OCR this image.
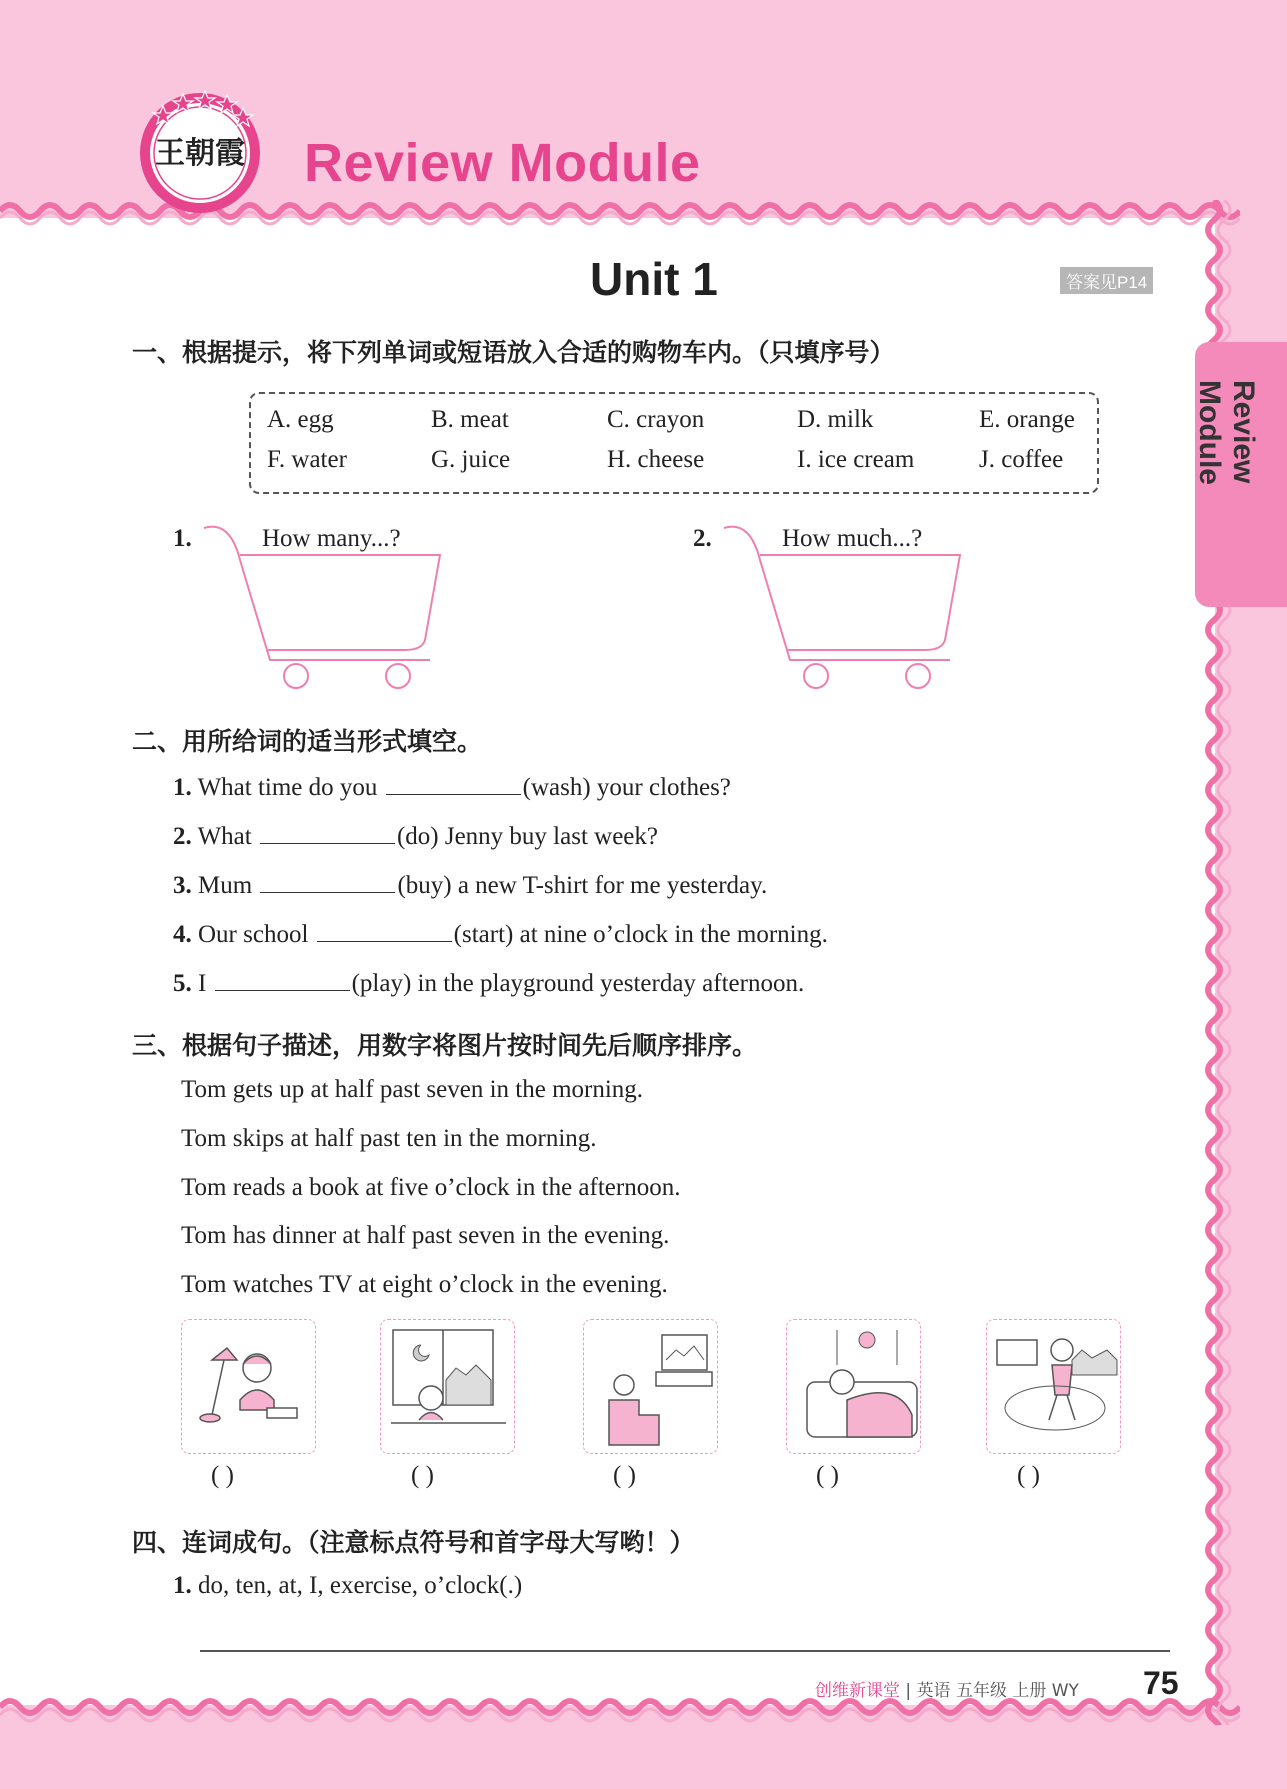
王朝霞 Review Module
Review Module
Unit 1	答案见P14
一、根据提示，将下列单词或短语放入合适的购物车内。（只填序号）
A. egg	B. meat	C. crayon	D. milk	E. orange
F. water	G. juice	H. cheese	I. ice cream	J. coffee
1.	How many...?	2.	How much...?
二、用所给词的适当形式填空。
1. What time do you	(wash) your clothes?
2. What	(do) Jenny buy last week?
3. Mum	(buy) a new T-shirt for me yesterday.
4. Our school	(start) at nine o’clock in the morning.
5. I	(play) in the playground yesterday afternoon.
三、根据句子描述，用数字将图片按时间先后顺序排序。
Tom gets up at half past seven in the morning.
Tom skips at half past ten in the morning.
Tom reads a book at five o’clock in the afternoon.
Tom has dinner at half past seven in the evening.
Tom watches TV at eight o’clock in the evening.
( )	( )	( )	( )	( )
四、连词成句。（注意标点符号和首字母大写哟！）
1. do, ten, at, I, exercise, o’clock(.)
创维新课堂 | 英语 五年级 上册 WY 75
